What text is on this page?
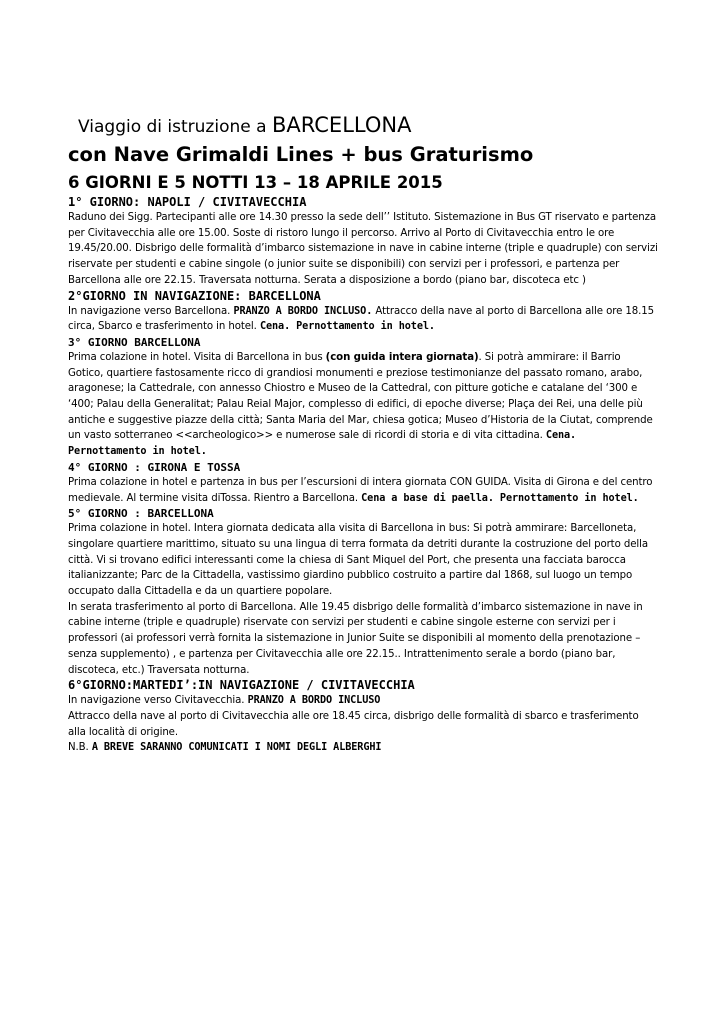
Viaggio di istruzione a BARCELLONA
con Nave Grimaldi Lines + bus Graturismo
6 GIORNI E 5 NOTTI 13 – 18 APRILE 2015
1° GIORNO: NAPOLI / CIVITAVECCHIA

Raduno dei Sigg. Partecipanti alle ore 14.30 presso la sede dell’’ Istituto. Sistemazione in Bus GT riservato e partenza per Civitavecchia alle ore 15.00. Soste di ristoro lungo il percorso. Arrivo al Porto di Civitavecchia entro le ore 19.45/20.00. Disbrigo delle formalità d’imbarco sistemazione in nave in cabine interne (triple e quadruple) con servizi riservate per studenti e cabine singole (o junior suite se disponibili) con servizi per i professori, e partenza per Barcellona alle ore 22.15. Traversata notturna. Serata a disposizione a bordo (piano bar, discoteca etc )

2°GIORNO IN NAVIGAZIONE: BARCELLONA

In navigazione verso Barcellona. PRANZO A BORDO INCLUSO. Attracco della nave al porto di Barcellona alle ore 18.15 circa, Sbarco e trasferimento in hotel. Cena. Pernottamento in hotel.

3° GIORNO BARCELLONA

Prima colazione in hotel. Visita di Barcellona in bus (con guida intera giornata). Si potrà ammirare: il Barrio Gotico, quartiere fastosamente ricco di grandiosi monumenti e preziose testimonianze del passato romano, arabo, aragonese; la Cattedrale, con annesso Chiostro e Museo de la Cattedral, con pitture gotiche e catalane del ‘300 e ‘400; Palau della Generalitat; Palau Reial Major, complesso di edifici, di epoche diverse; Plaça dei Rei, una delle più antiche e suggestive piazze della città; Santa Maria del Mar, chiesa gotica; Museo d’Historia de la Ciutat, comprende un vasto sotterraneo <<archeologico>> e numerose sale di ricordi di storia e di vita cittadina. Cena. Pernottamento in hotel.

4° GIORNO : GIRONA E TOSSA

Prima colazione in hotel e partenza in bus per l’escursioni di intera giornata CON GUIDA. Visita di Girona e del centro medievale. Al termine visita diTossa. Rientro a Barcellona. Cena a base di paella. Pernottamento in hotel.

5° GIORNO : BARCELLONA

Prima colazione in hotel. Intera giornata dedicata alla visita di Barcellona in bus: Si potrà ammirare: Barcelloneta, singolare quartiere marittimo, situato su una lingua di terra formata da detriti durante la costruzione del porto della città. Vi si trovano edifici interessanti come la chiesa di Sant Miquel del Port, che presenta una facciata barocca italianizzante; Parc de la Cittadella, vastissimo giardino pubblico costruito a partire dal 1868, sul luogo un tempo occupato dalla Cittadella e da un quartiere popolare.

In serata trasferimento al porto di Barcellona. Alle 19.45 disbrigo delle formalità d’imbarco sistemazione in nave in cabine interne (triple e quadruple) riservate con servizi per studenti e cabine singole esterne con servizi per i professori (ai professori verrà fornita la sistemazione in Junior Suite se disponibili al momento della prenotazione – senza supplemento) , e partenza per Civitavecchia alle ore 22.15.. Intrattenimento serale a bordo (piano bar, discoteca, etc.) Traversata notturna.

6°GIORNO:MARTEDI’:IN NAVIGAZIONE / CIVITAVECCHIA

In navigazione verso Civitavecchia. PRANZO A BORDO INCLUSO

Attracco della nave al porto di Civitavecchia alle ore 18.45 circa, disbrigo delle formalità di sbarco e trasferimento alla località di origine.

N.B. A BREVE SARANNO COMUNICATI I NOMI DEGLI ALBERGHI
